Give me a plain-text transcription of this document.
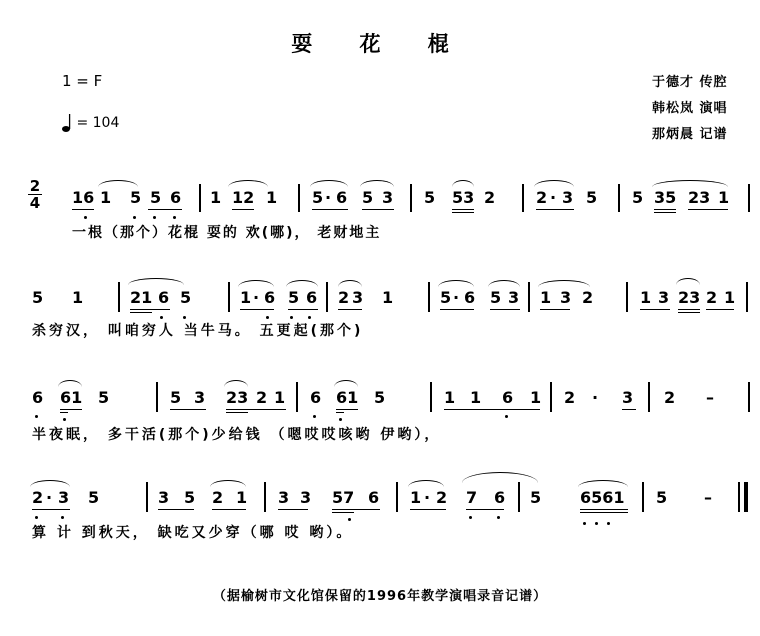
耍 花 棍
1 = F
= 104
于德才 传腔
韩松岚 演唱
那炳晨 记谱
2
4 16 1 5 5 6 1 12 1 5 · 6 5 3 5 53 2	2 · 3 5 5 35 23 1
一根（那个）花棍 耍的 欢(哪)， 老财地主
5 1	21 6 5	1 · 6 5 6 2 3 1	5 · 6 5 3 1 3 2	1 3 23 2 1
杀穷汉， 叫咱穷人 当牛马。 五更起(那个)
6 61 5	5 3 23 2 1 6 61 5	1 1 6 1 2 · 3 2 –
半夜眠， 多干活(那个)少给钱 （嗯哎哎咳哟 伊哟），
2 · 3 5	3 5 2 1 3 3 57 6 1 · 2 7 6 5 6561 5 –
算 计 到秋天， 缺吃又少穿（哪 哎 哟）。
（据榆树市文化馆保留的1996年教学演唱录音记谱）
